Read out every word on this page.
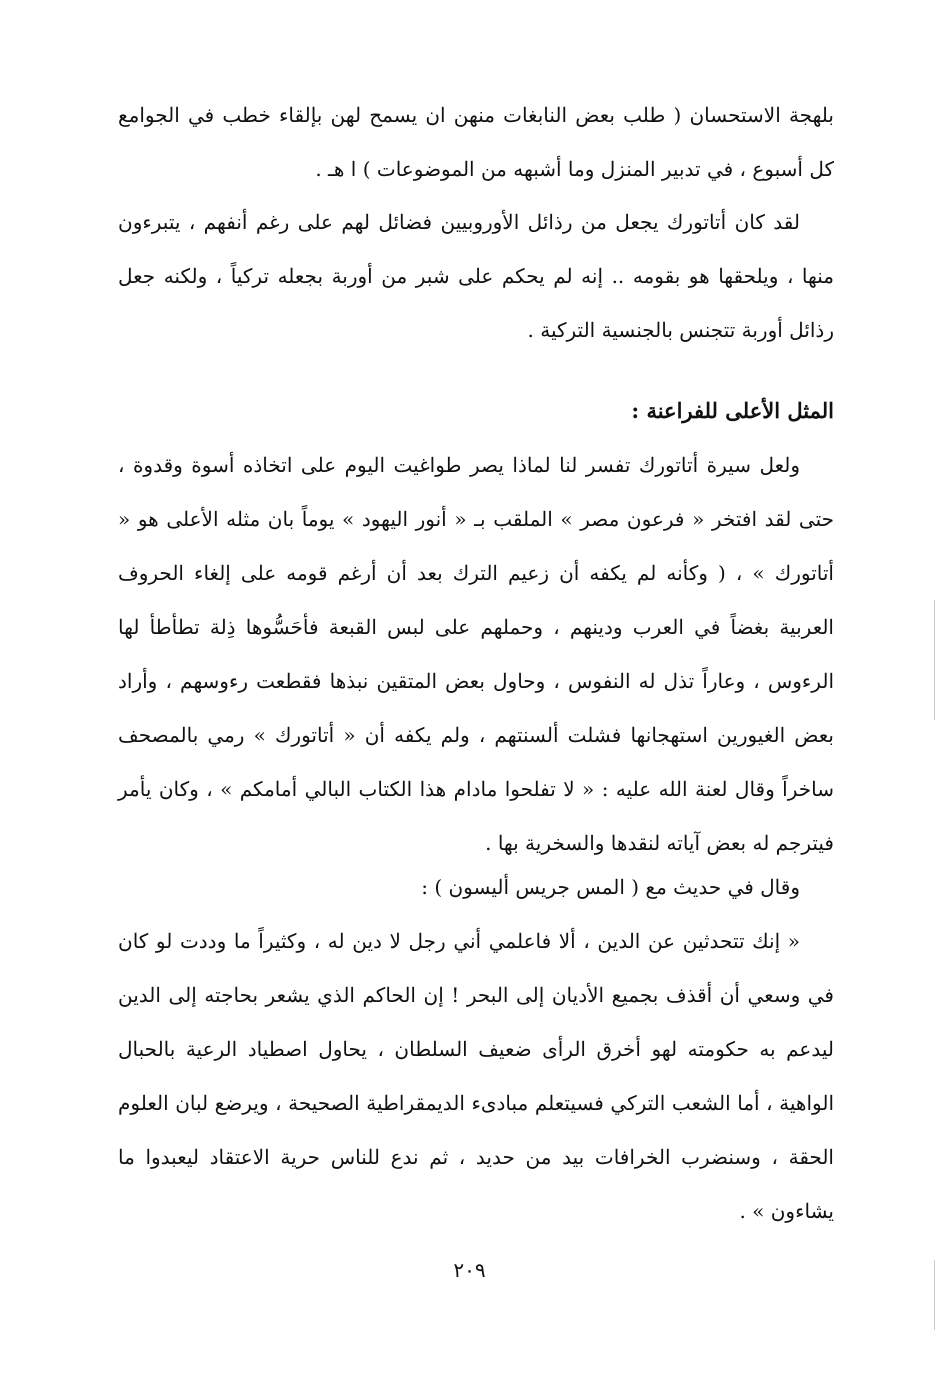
بلهجة الاستحسان ( طلب بعض النابغات منهن ان يسمح لهن بإلقاء خطب في الجوامع كل أسبوع ، في تدبير المنزل وما أشبهه من الموضوعات ) ا هـ .

لقد كان أتاتورك يجعل من رذائل الأوروبيين فضائل لهم على رغم أنفهم ، يتبرءون منها ، ويلحقها هو بقومه .. إنه لم يحكم على شبر من أوربة بجعله تركياً ، ولكنه جعل رذائل أوربة تتجنس بالجنسية التركية .

المثل الأعلى للفراعنة :

ولعل سيرة أتاتورك تفسر لنا لماذا يصر طواغيت اليوم على اتخاذه أسوة وقدوة ، حتى لقد افتخر « فرعون مصر » الملقب بـ « أنور اليهود » يوماً بان مثله الأعلى هو « أتاتورك » ، ( وكأنه لم يكفه أن زعيم الترك بعد أن أرغم قومه على إلغاء الحروف العربية بغضاً في العرب ودينهم ، وحملهم على لبس القبعة فأحَسُّوها ذِلة تطأطأ لها الرءوس ، وعاراً تذل له النفوس ، وحاول بعض المتقين نبذها فقطعت رءوسهم ، وأراد بعض الغيورين استهجانها فشلت ألسنتهم ، ولم يكفه أن « أتاتورك » رمي بالمصحف ساخراً وقال لعنة الله عليه : « لا تفلحوا مادام هذا الكتاب البالي أمامكم » ، وكان يأمر فيترجم له بعض آياته لنقدها والسخرية بها .

وقال في حديث مع ( المس جريس أليسون ) :

« إنك تتحدثين عن الدين ، ألا فاعلمي أني رجل لا دين له ، وكثيراً ما وددت لو كان في وسعي أن أقذف بجميع الأديان إلى البحر ! إن الحاكم الذي يشعر بحاجته إلى الدين ليدعم به حكومته لهو أخرق الرأى ضعيف السلطان ، يحاول اصطياد الرعية بالحبال الواهية ، أما الشعب التركي فسيتعلم مبادىء الديمقراطية الصحيحة ، ويرضع لبان العلوم الحقة ، وسنضرب الخرافات بيد من حديد ، ثم ندع للناس حرية الاعتقاد ليعبدوا ما يشاءون » .

٢٠٩
